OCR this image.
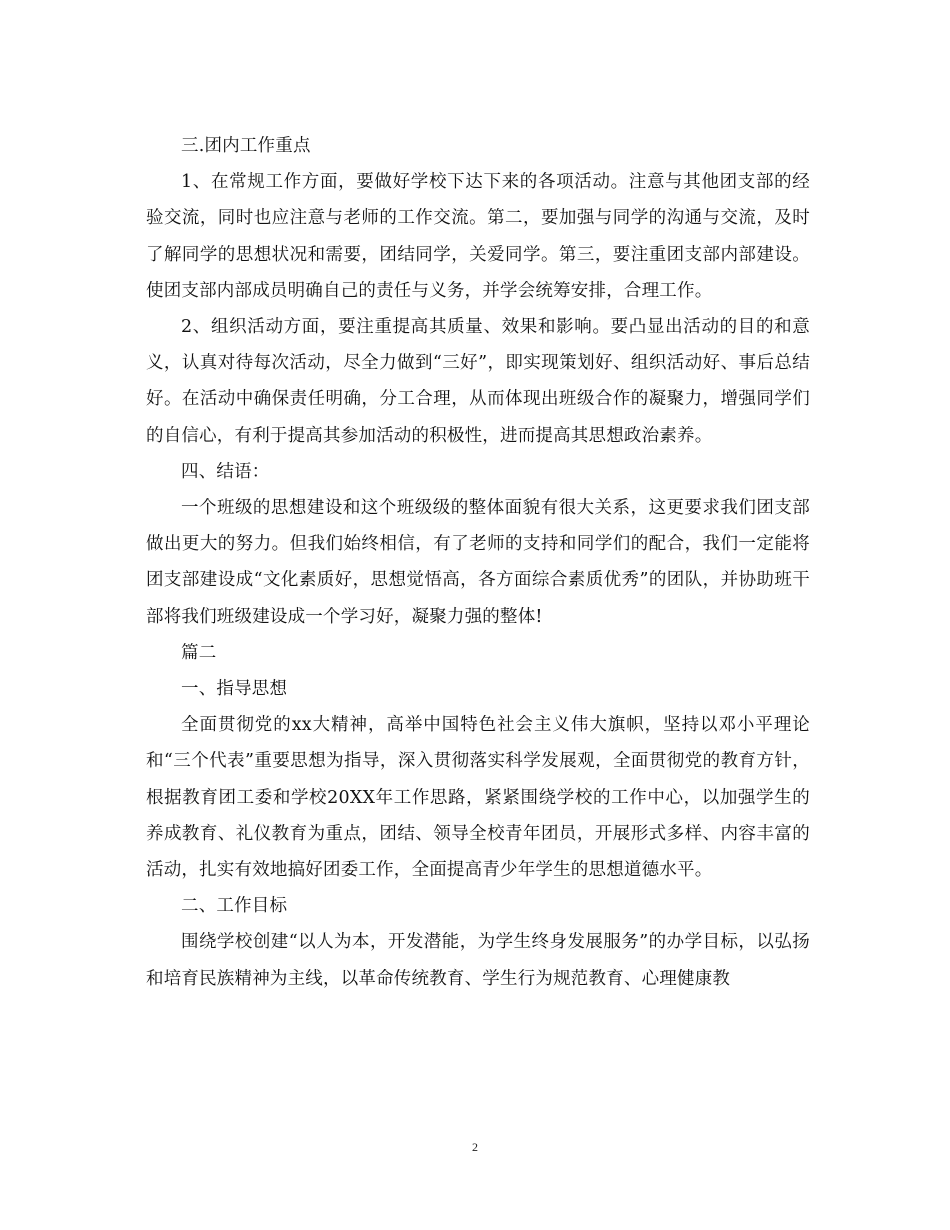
三.团内工作重点

1、在常规工作方面，要做好学校下达下来的各项活动。注意与其他团支部的经验交流，同时也应注意与老师的工作交流。第二，要加强与同学的沟通与交流，及时了解同学的思想状况和需要，团结同学，关爱同学。第三，要注重团支部内部建设。使团支部内部成员明确自己的责任与义务，并学会统筹安排，合理工作。

2、组织活动方面，要注重提高其质量、效果和影响。要凸显出活动的目的和意义，认真对待每次活动，尽全力做到“三好”，即实现策划好、组织活动好、事后总结好。在活动中确保责任明确，分工合理，从而体现出班级合作的凝聚力，增强同学们的自信心，有利于提高其参加活动的积极性，进而提高其思想政治素养。

四、结语：

一个班级的思想建设和这个班级级的整体面貌有很大关系，这更要求我们团支部做出更大的努力。但我们始终相信，有了老师的支持和同学们的配合，我们一定能将团支部建设成“文化素质好，思想觉悟高，各方面综合素质优秀”的团队，并协助班干部将我们班级建设成一个学习好，凝聚力强的整体!

篇二

一、指导思想

全面贯彻党的xx大精神，高举中国特色社会主义伟大旗帜，坚持以邓小平理论和“三个代表”重要思想为指导，深入贯彻落实科学发展观，全面贯彻党的教育方针，根据教育团工委和学校20XX年工作思路，紧紧围绕学校的工作中心，以加强学生的养成教育、礼仪教育为重点，团结、领导全校青年团员，开展形式多样、内容丰富的活动，扎实有效地搞好团委工作，全面提高青少年学生的思想道德水平。

二、工作目标

围绕学校创建“以人为本，开发潜能，为学生终身发展服务”的办学目标，以弘扬和培育民族精神为主线，以革命传统教育、学生行为规范教育、心理健康教

2
